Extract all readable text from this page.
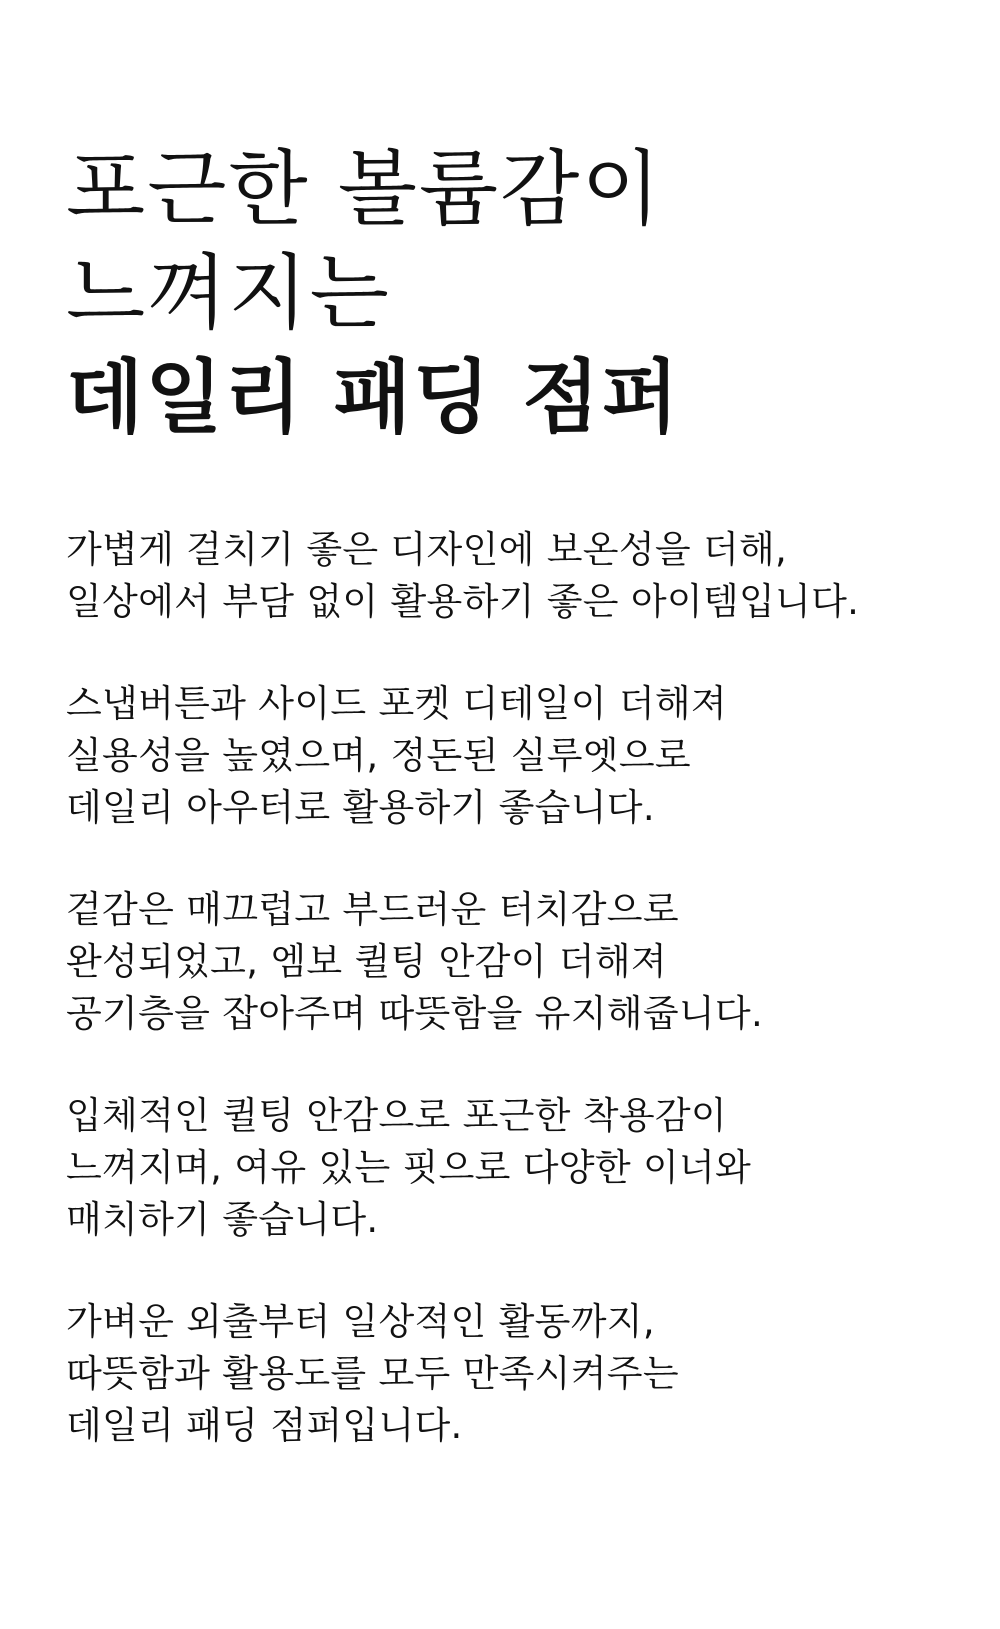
포근한 볼륨감이
느껴지는
데일리 패딩 점퍼
가볍게 걸치기 좋은 디자인에 보온성을 더해,
일상에서 부담 없이 활용하기 좋은 아이템입니다.
스냅버튼과 사이드 포켓 디테일이 더해져
실용성을 높였으며, 정돈된 실루엣으로
데일리 아우터로 활용하기 좋습니다.
겉감은 매끄럽고 부드러운 터치감으로
완성되었고, 엠보 퀼팅 안감이 더해져
공기층을 잡아주며 따뜻함을 유지해줍니다.
입체적인 퀼팅 안감으로 포근한 착용감이
느껴지며, 여유 있는 핏으로 다양한 이너와
매치하기 좋습니다.
가벼운 외출부터 일상적인 활동까지,
따뜻함과 활용도를 모두 만족시켜주는
데일리 패딩 점퍼입니다.
